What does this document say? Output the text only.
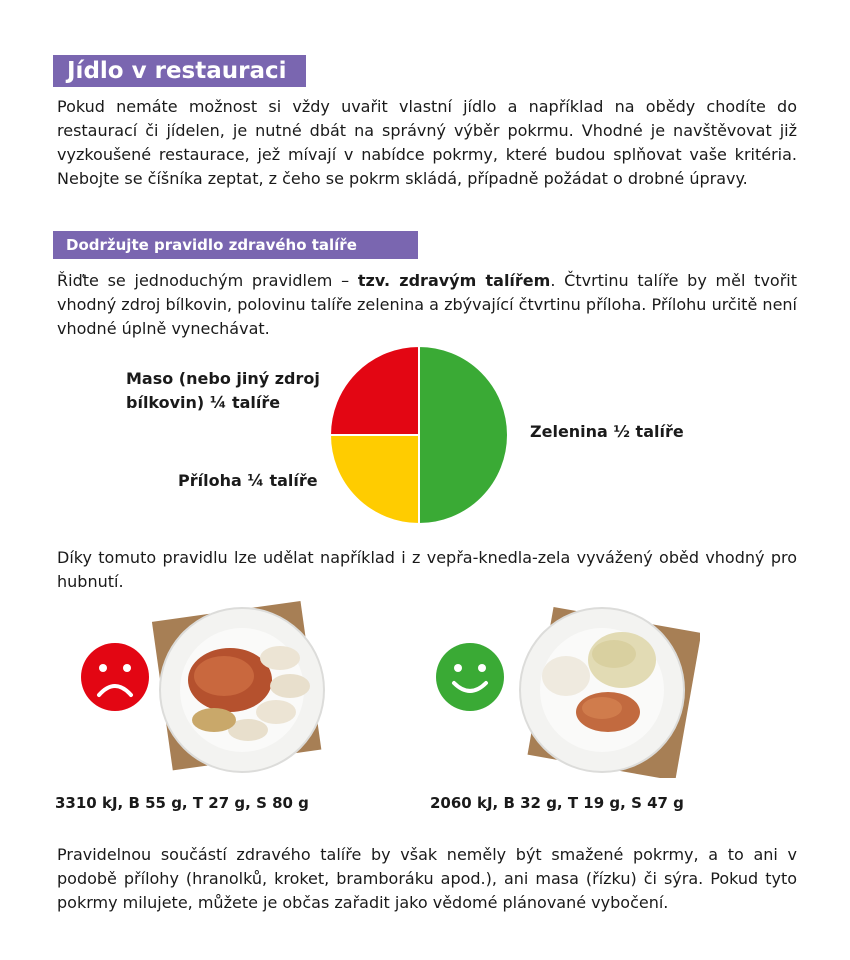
Jídlo v restauraci
Pokud nemáte možnost si vždy uvařit vlastní jídlo a například na obědy chodíte do restaurací či jídelen, je nutné dbát na správný výběr pokrmu. Vhodné je navštěvovat již vyzkoušené restaurace, jež mívají v nabídce pokrmy, které budou splňovat vaše kritéria. Nebojte se číšníka zeptat, z čeho se pokrm skládá, případně požádat o drobné úpravy.
Dodržujte pravidlo zdravého talíře
Řiďte se jednoduchým pravidlem – tzv. zdravým talířem. Čtvrtinu talíře by měl tvořit vhodný zdroj bílkovin, polovinu talíře zelenina a zbývající čtvrtinu příloha. Přílohu určitě není vhodné úplně vynechávat.
Maso (nebo jiný zdroj bílkovin) ¼ talíře
Zelenina ½ talíře
Příloha ¼ talíře
Díky tomuto pravidlu lze udělat například i z vepřa-knedla-zela vyvážený oběd vhodný pro hubnutí.
3310 kJ, B 55 g, T 27 g, S 80 g	2060 kJ, B 32 g, T 19 g, S 47 g
Pravidelnou součástí zdravého talíře by však neměly být smažené pokrmy, a to ani v podobě přílohy (hranolků, kroket, bramboráku apod.), ani masa (řízku) či sýra. Pokud tyto pokrmy milujete, můžete je občas zařadit jako vědomé plánované vybočení.
